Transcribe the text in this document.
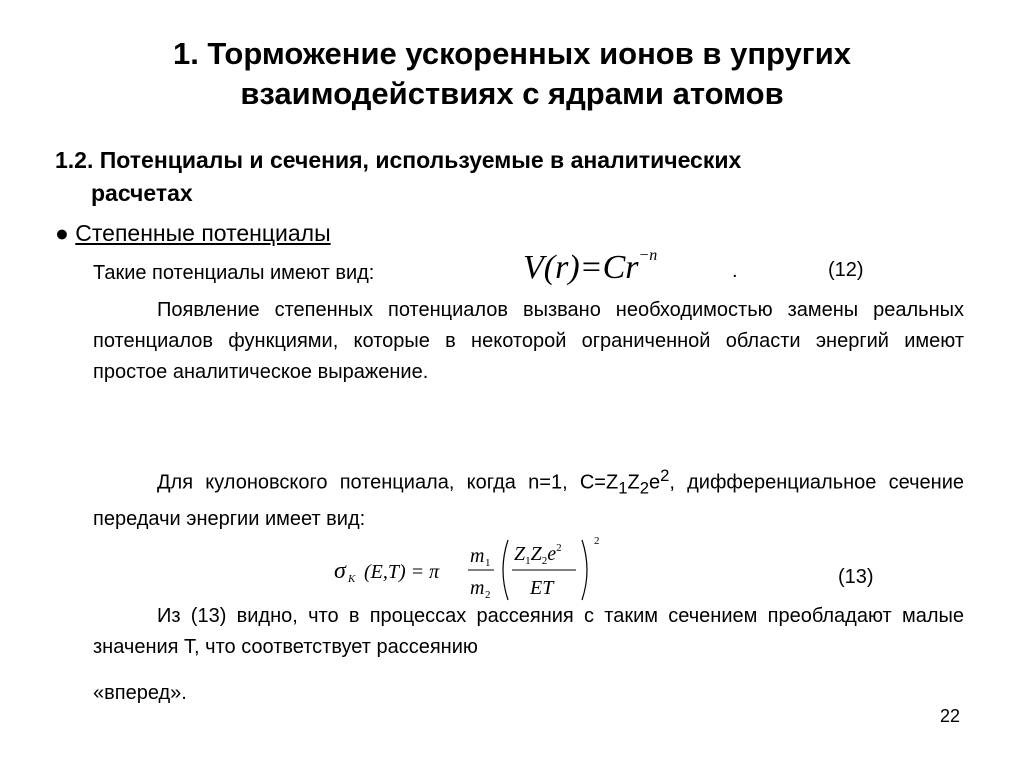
1. Торможение ускоренных ионов в упругих
взаимодействиях с ядрами атомов
1.2. Потенциалы и сечения, используемые в аналитических
расчетах
● Степенные потенциалы
Такие потенциалы имеют вид:	$V(r)=Cr^{-n}$
.	(12)
Появление степенных потенциалов вызвано необходимостью замены реальных потенциалов функциями, которые в некоторой ограниченной области энергий имеют простое аналитическое выражение.
Для кулоновского потенциала, когда n=1, $C=Z_1Z_2e^2$, дифференциальное сечение передачи энергии имеет вид:
σ K (E,T) = π
m 1
m 2
$Z_1Z_2e^2$
ET
2
(13)
Из (13) видно, что в процессах рассеяния с таким сечением преобладают малые значения T, что соответствует рассеянию
«вперед».
22
